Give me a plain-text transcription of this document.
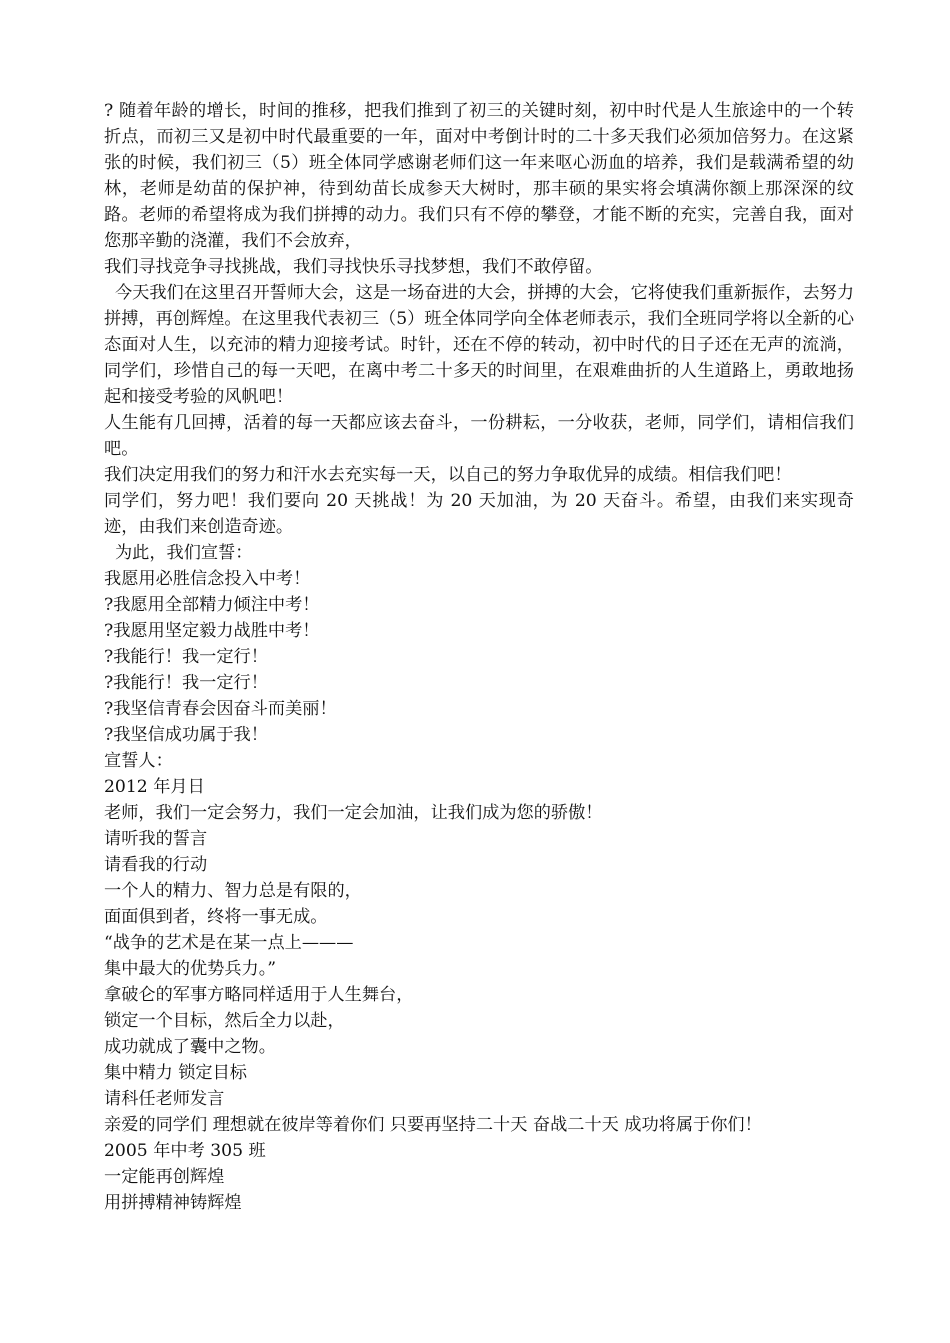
? 随着年龄的增长，时间的推移，把我们推到了初三的关键时刻，初中时代是人生旅途中的一个转折点，而初三又是初中时代最重要的一年，面对中考倒计时的二十多天我们必须加倍努力。在这紧张的时候，我们初三（5）班全体同学感谢老师们这一年来呕心沥血的培养，我们是载满希望的幼林，老师是幼苗的保护神，待到幼苗长成参天大树时，那丰硕的果实将会填满你额上那深深的纹路。老师的希望将成为我们拼搏的动力。我们只有不停的攀登，才能不断的充实，完善自我，面对您那辛勤的浇灌，我们不会放弃，

我们寻找竞争寻找挑战，我们寻找快乐寻找梦想，我们不敢停留。

今天我们在这里召开誓师大会，这是一场奋进的大会，拼搏的大会，它将使我们重新振作，去努力拼搏，再创辉煌。在这里我代表初三（5）班全体同学向全体老师表示，我们全班同学将以全新的心态面对人生，以充沛的精力迎接考试。时针，还在不停的转动，初中时代的日子还在无声的流淌，同学们，珍惜自己的每一天吧，在离中考二十多天的时间里，在艰难曲折的人生道路上，勇敢地扬起和接受考验的风帆吧！

人生能有几回搏，活着的每一天都应该去奋斗，一份耕耘，一分收获，老师，同学们，请相信我们吧。

我们决定用我们的努力和汗水去充实每一天，以自己的努力争取优异的成绩。相信我们吧！

同学们，努力吧！我们要向 20 天挑战！为 20 天加油，为 20 天奋斗。希望，由我们来实现奇迹，由我们来创造奇迹。

为此，我们宣誓：

我愿用必胜信念投入中考！

?我愿用全部精力倾注中考！

?我愿用坚定毅力战胜中考！

?我能行！我一定行！

?我能行！我一定行！

?我坚信青春会因奋斗而美丽！

?我坚信成功属于我！

宣誓人：

2012 年月日

老师，我们一定会努力，我们一定会加油，让我们成为您的骄傲！

请听我的誓言

请看我的行动

一个人的精力、智力总是有限的，

面面俱到者，终将一事无成。

“战争的艺术是在某一点上———

集中最大的优势兵力。”

拿破仑的军事方略同样适用于人生舞台，

锁定一个目标，然后全力以赴，

成功就成了囊中之物。

集中精力 锁定目标

请科任老师发言

亲爱的同学们 理想就在彼岸等着你们 只要再坚持二十天 奋战二十天 成功将属于你们！

2005 年中考 305 班

一定能再创辉煌

用拼搏精神铸辉煌
